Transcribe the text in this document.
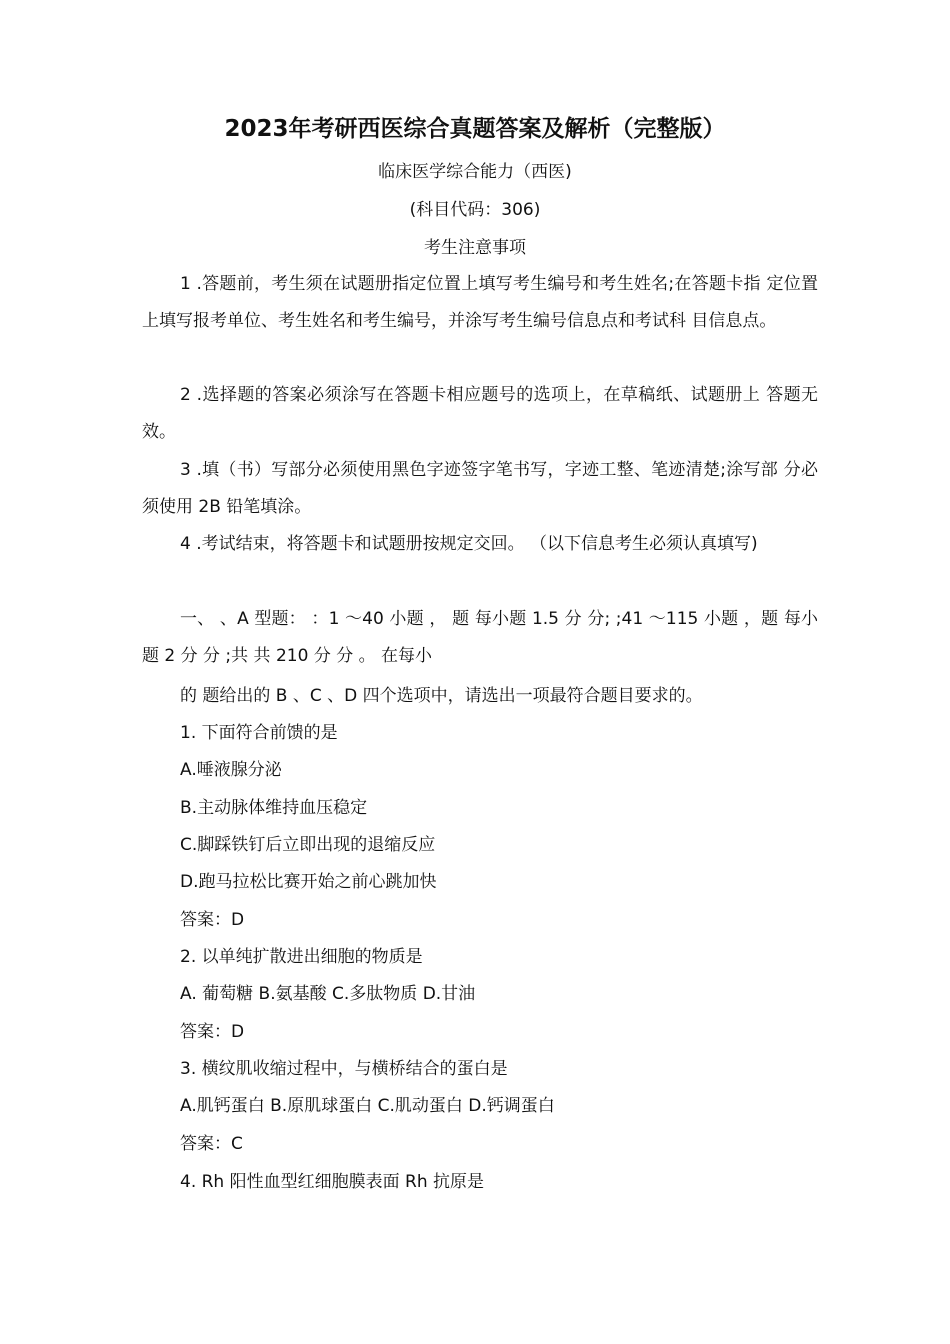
2023年考研西医综合真题答案及解析（完整版）

临床医学综合能力（西医)

(科目代码：306)

考生注意事项

1 .答题前，考生须在试题册指定位置上填写考生编号和考生姓名;在答题卡指 定位置上填写报考单位、考生姓名和考生编号，并涂写考生编号信息点和考试科 目信息点。

2 .选择题的答案必须涂写在答题卡相应题号的选项上，在草稿纸、试题册上 答题无效。

3 .填（书）写部分必须使用黑色字迹签字笔书写，字迹工整、笔迹清楚;涂写部 分必须使用 2B 铅笔填涂。

4 .考试结束，将答题卡和试题册按规定交回。 （以下信息考生必须认真填写)

一、 、A 型题： ：1 ～40 小题 ， 题 每小题 1.5 分 分; ;41 ～115 小题 ，题 每小题 2 分 分 ;共 共 210 分 分 。 在每小

的 题给出的 B 、C 、D 四个选项中，请选出一项最符合题目要求的。

1. 下面符合前馈的是

A.唾液腺分泌

B.主动脉体维持血压稳定

C.脚踩铁钉后立即出现的退缩反应

D.跑马拉松比赛开始之前心跳加快

答案：D

2. 以单纯扩散进出细胞的物质是

A. 葡萄糖 B.氨基酸 C.多肽物质 D.甘油

答案：D

3. 横纹肌收缩过程中，与横桥结合的蛋白是

A.肌钙蛋白 B.原肌球蛋白 C.肌动蛋白 D.钙调蛋白

答案：C

4. Rh 阳性血型红细胞膜表面 Rh 抗原是
